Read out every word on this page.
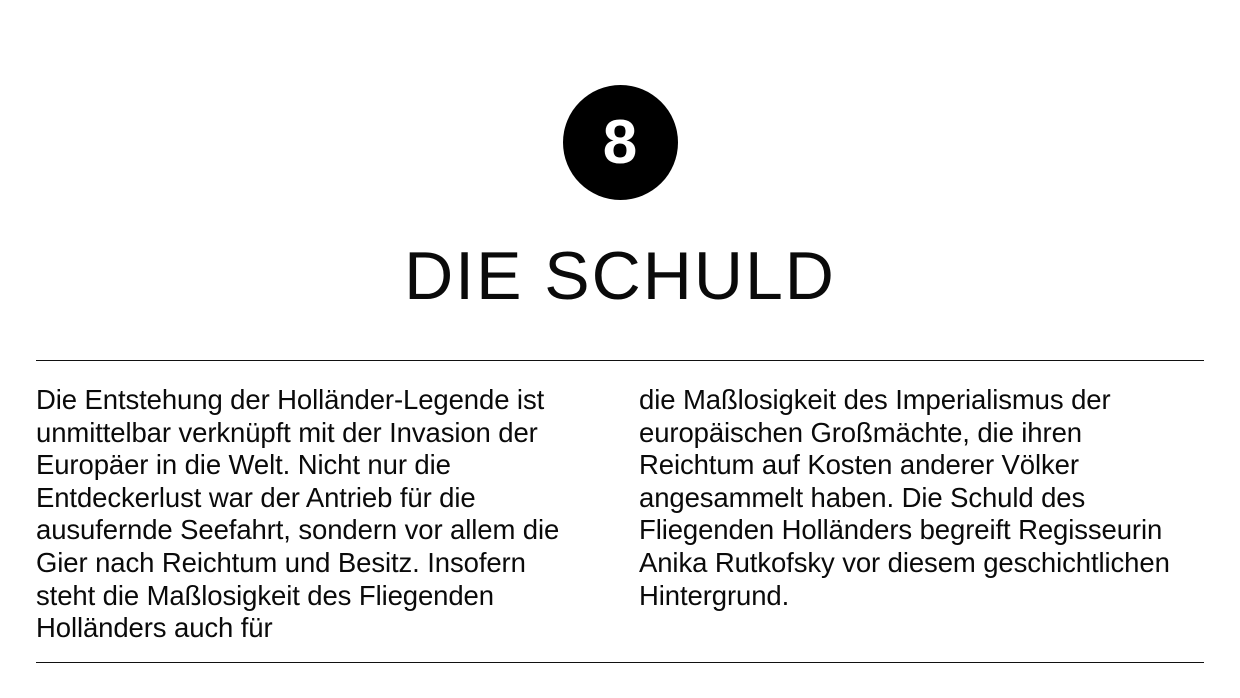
8
DIE SCHULD

Die Entstehung der Holländer-Legende ist unmittelbar verknüpft mit der Invasion der Europäer in die Welt. Nicht nur die Entdeckerlust war der Antrieb für die ausufernde Seefahrt, sondern vor allem die Gier nach Reichtum und Besitz. Insofern steht die Maßlosigkeit des Fliegenden Holländers auch für

die Maßlosigkeit des Imperialismus der europäischen Großmächte, die ihren Reichtum auf Kosten anderer Völker angesammelt haben. Die Schuld des Fliegenden Holländers begreift Regisseurin Anika Rutkofsky vor diesem geschichtlichen Hintergrund.
